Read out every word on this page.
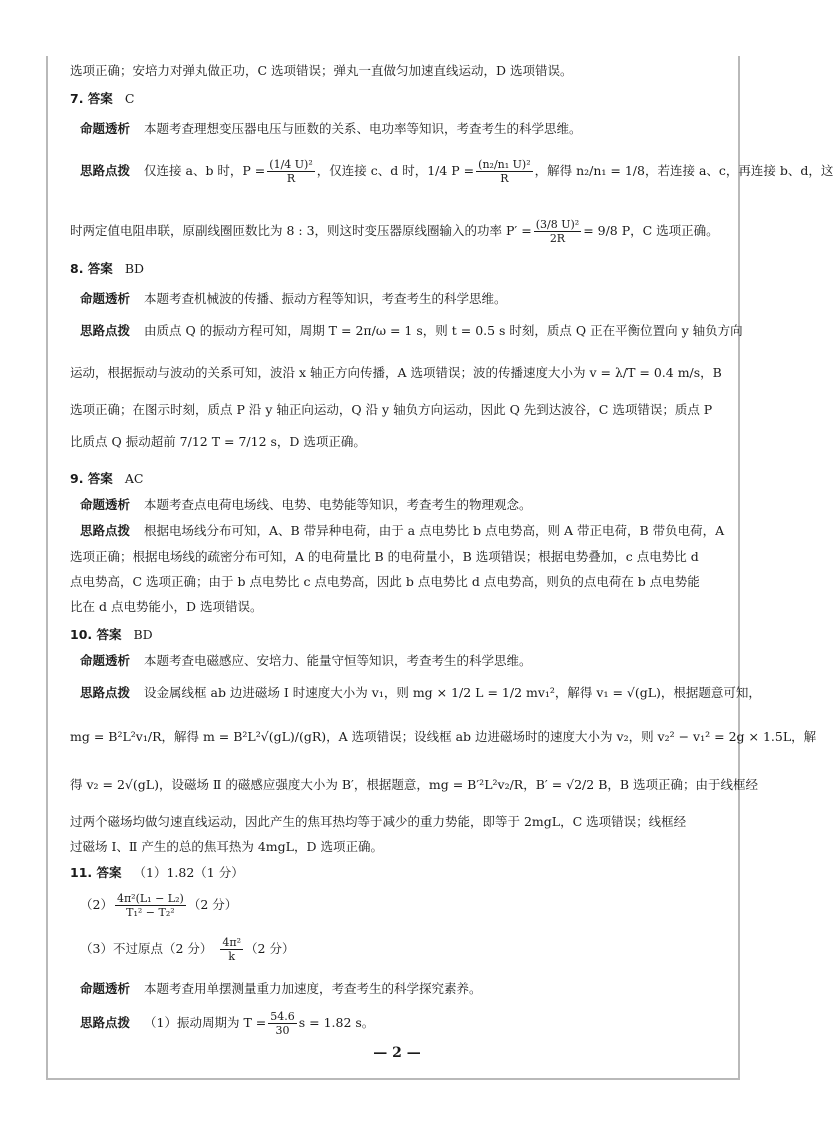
选项正确；安培力对弹丸做正功，C 选项错误；弹丸一直做匀加速直线运动，D 选项错误。
7. 答案 C
命题透析 本题考查理想变压器电压与匝数的关系、电功率等知识，考查考生的科学思维。
思路点拨 仅连接 a、b 时，$P = \frac{\text{(1/4 U)²}}{R}$ ，仅连接 c、d 时，1/4 $P = \frac{\text{(n₂/n₁ U)²}}{R}$ ，解得 n₂/n₁ = 1/8，若连接 a、c，再连接 b、d，这
时两定值电阻串联，原副线圈匝数比为 8 : 3，则这时变压器原线圈输入的功率 $P' = \frac{\text{(3/8 U)²}}{2R} = 9/8$ P，C 选项正确。
8. 答案 BD
命题透析 本题考查机械波的传播、振动方程等知识，考查考生的科学思维。
思路点拨 由质点 Q 的振动方程可知，周期 T = 2π/ω = 1 s，则 t = 0.5 s 时刻，质点 Q 正在平衡位置向 y 轴负方向
运动，根据振动与波动的关系可知，波沿 x 轴正方向传播，A 选项错误；波的传播速度大小为 v = λ/T = 0.4 m/s，B
选项正确；在图示时刻，质点 P 沿 y 轴正向运动，Q 沿 y 轴负方向运动，因此 Q 先到达波谷，C 选项错误；质点 P
比质点 Q 振动超前 7/12 T = 7/12 s，D 选项正确。
9. 答案 AC
命题透析 本题考查点电荷电场线、电势、电势能等知识，考查考生的物理观念。
思路点拨 根据电场线分布可知，A、B 带异种电荷，由于 a 点电势比 b 点电势高，则 A 带正电荷，B 带负电荷，A
选项正确；根据电场线的疏密分布可知，A 的电荷量比 B 的电荷量小，B 选项错误；根据电势叠加，c 点电势比 d
点电势高，C 选项正确；由于 b 点电势比 c 点电势高，因此 b 点电势比 d 点电势高，则负的点电荷在 b 点电势能
比在 d 点电势能小，D 选项错误。
10. 答案 BD
命题透析 本题考查电磁感应、安培力、能量守恒等知识，考查考生的科学思维。
思路点拨 设金属线框 ab 边进磁场 Ⅰ 时速度大小为 v₁，则 mg × 1/2 L = 1/2 mv₁²，解得 v₁ = √(gL)，根据题意可知，
mg = B²L²v₁/R，解得 m = B²L²√(gL)/(gR)，A 选项错误；设线框 ab 边进磁场时的速度大小为 v₂，则 v₂² − v₁² = 2g × 1.5L，解
得 v₂ = 2√(gL)，设磁场 Ⅱ 的磁感应强度大小为 B′，根据题意，mg = B′²L²v₂/R，B′ = √2/2 B，B 选项正确；由于线框经
过两个磁场均做匀速直线运动，因此产生的焦耳热均等于减少的重力势能，即等于 2mgL，C 选项错误；线框经
过磁场 Ⅰ、Ⅱ 产生的总的焦耳热为 4mgL，D 选项正确。
11. 答案 （1）1.82（1 分）
$(2) \frac{\text{4π²(L₁ − L₂)}}{\text{T₁² − T₂²}} (2$ 分）
（3）不过原点（2 分） $\frac{\text{4π²}}{k} (2$ 分）
命题透析 本题考查用单摆测量重力加速度，考查考生的科学探究素养。
思路点拨 （1）振动周期为 $T = \frac{54.6}{30}$ s = 1.82 s。
— 2 —
